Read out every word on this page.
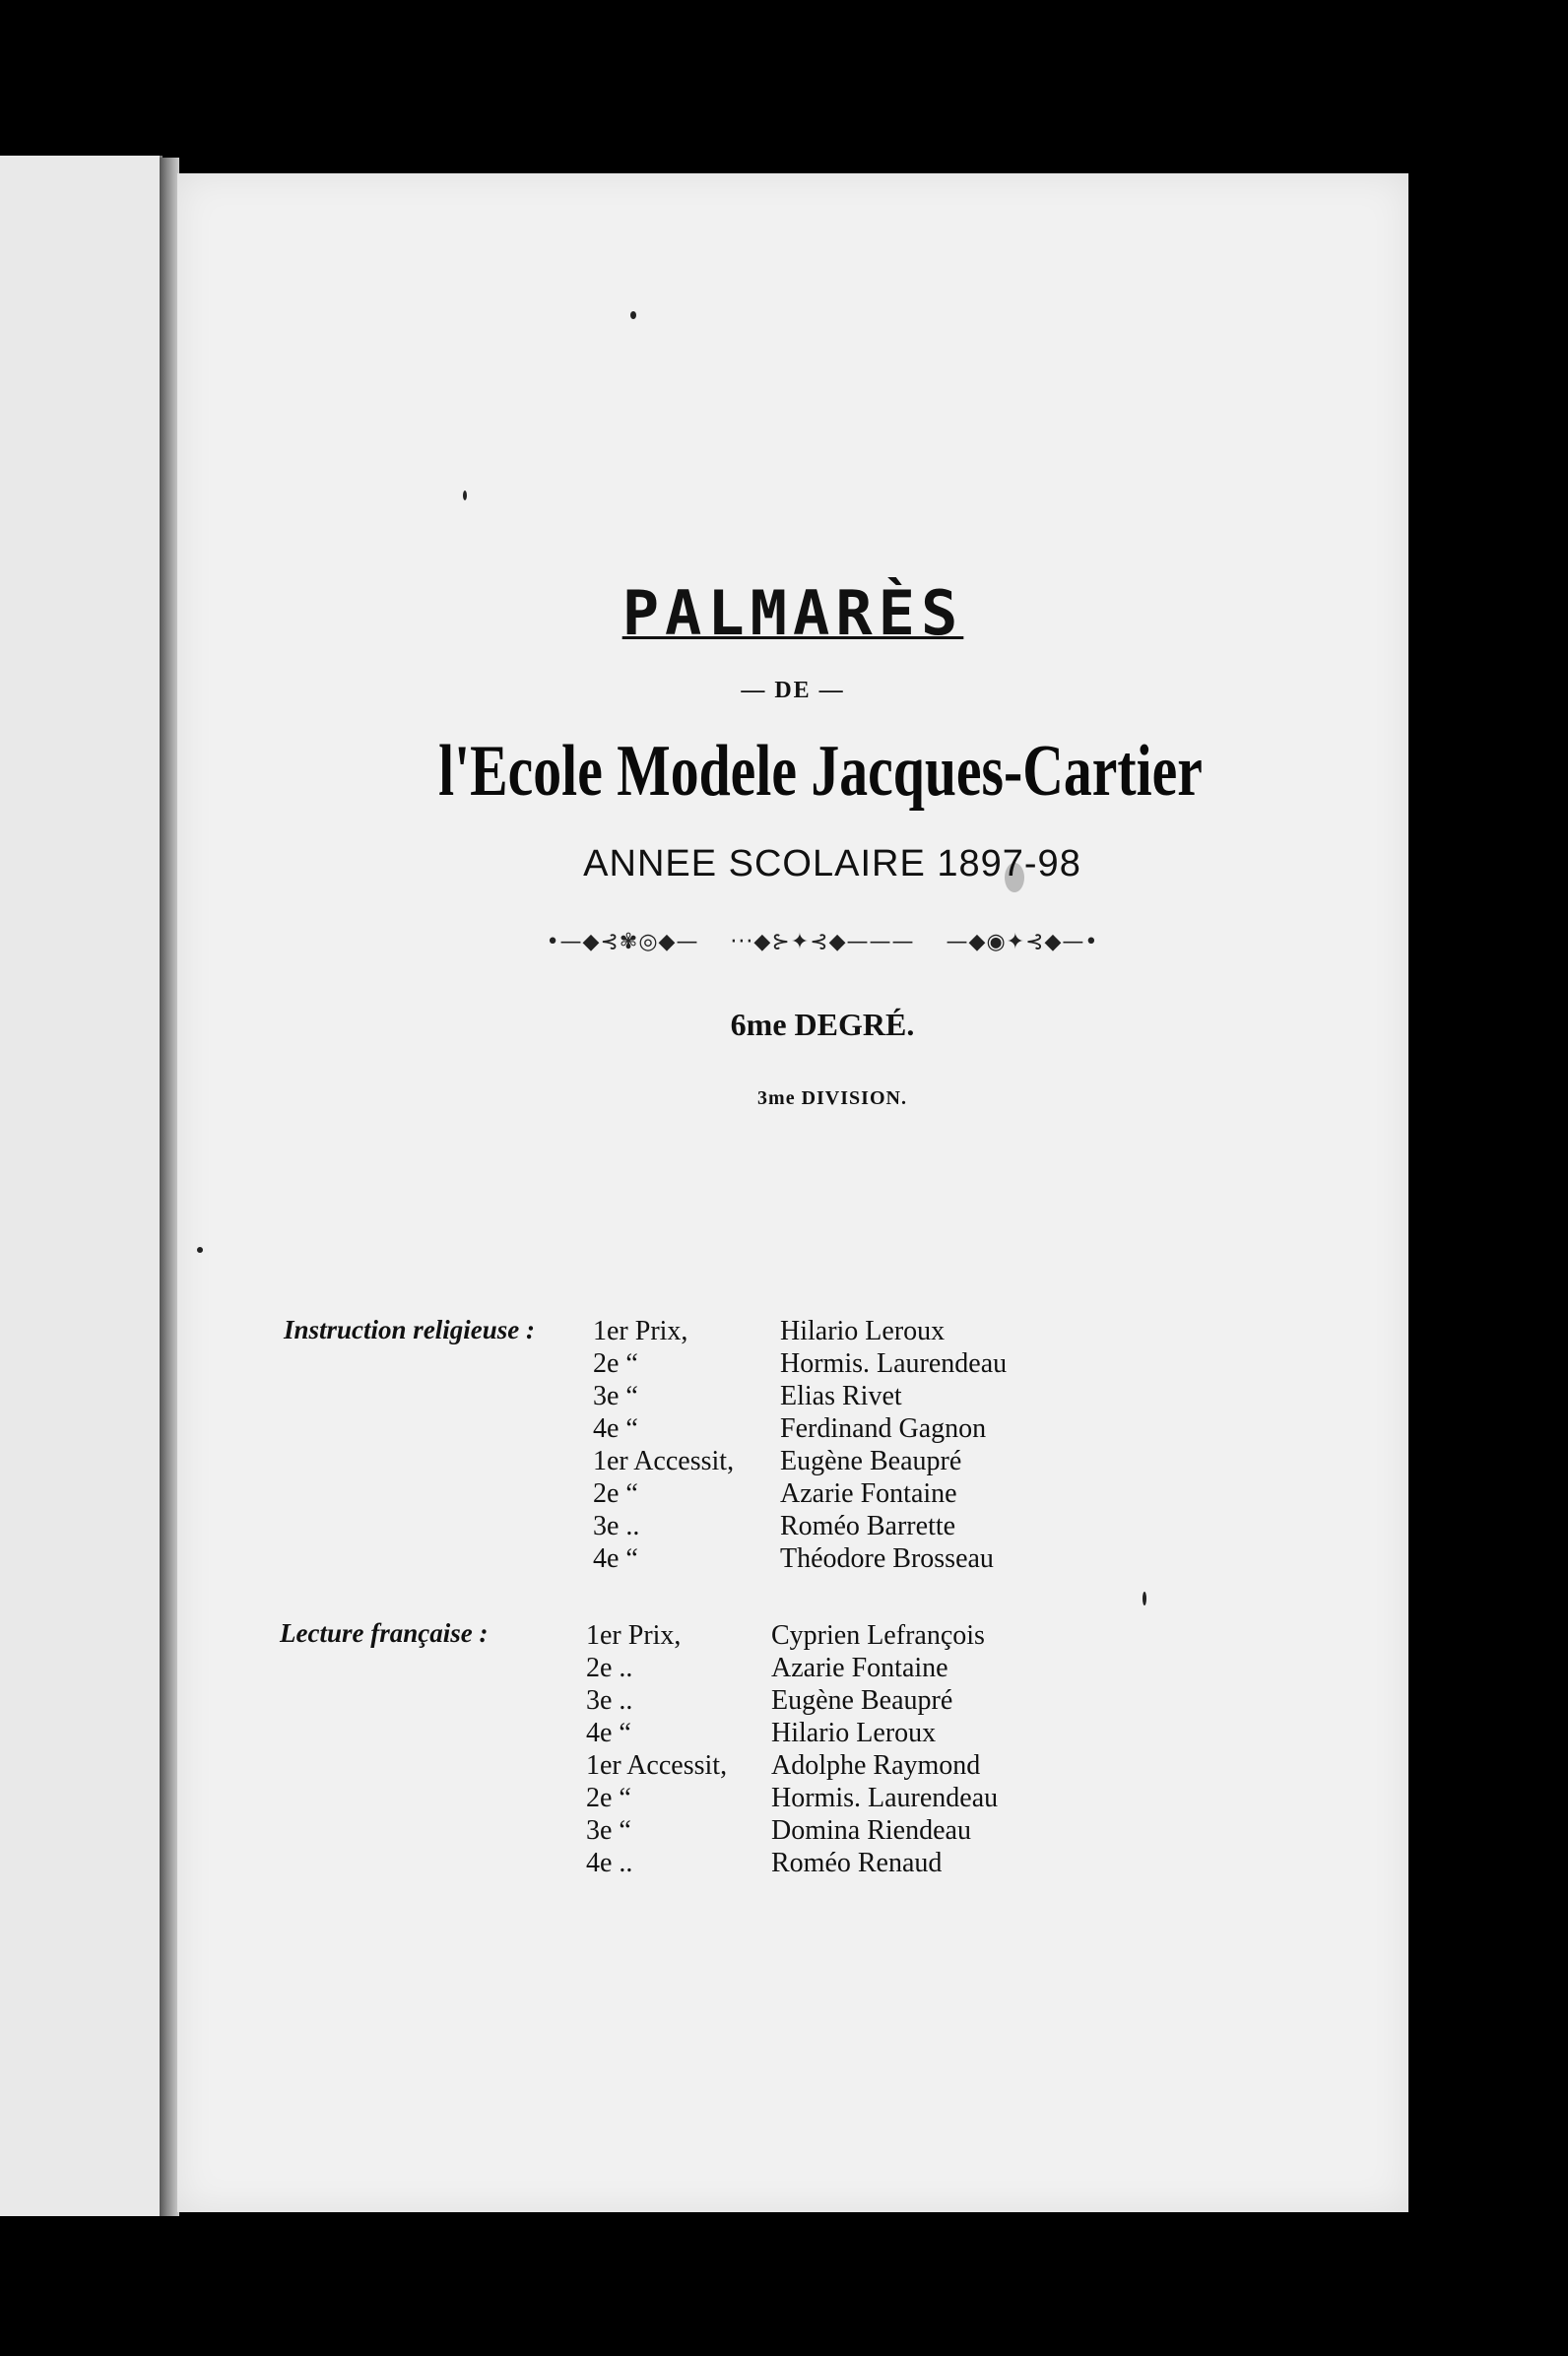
PALMARÈS
— DE —
l'Ecole Modele Jacques-Cartier
ANNEE SCOLAIRE 1897-98
•—◆⊰✾◎◆—    ···◆⊱✦⊰◆———    —◆◉✦⊰◆—•
6me DEGRÉ.
3me DIVISION.
Instruction religieuse : 1er Prix,	Hilario Leroux
2e “	Hormis. Laurendeau
3e “	Elias Rivet
4e “	Ferdinand Gagnon
1er Accessit, Eugène Beaupré
2e “	Azarie Fontaine
3e ..	Roméo Barrette
4e “	Théodore Brosseau
Lecture française :	1er Prix,	Cyprien Lefrançois
2e ..	Azarie Fontaine
3e ..	Eugène Beaupré
4e “	Hilario Leroux
1er Accessit, Adolphe Raymond
2e “	Hormis. Laurendeau
3e “	Domina Riendeau
4e ..	Roméo Renaud
